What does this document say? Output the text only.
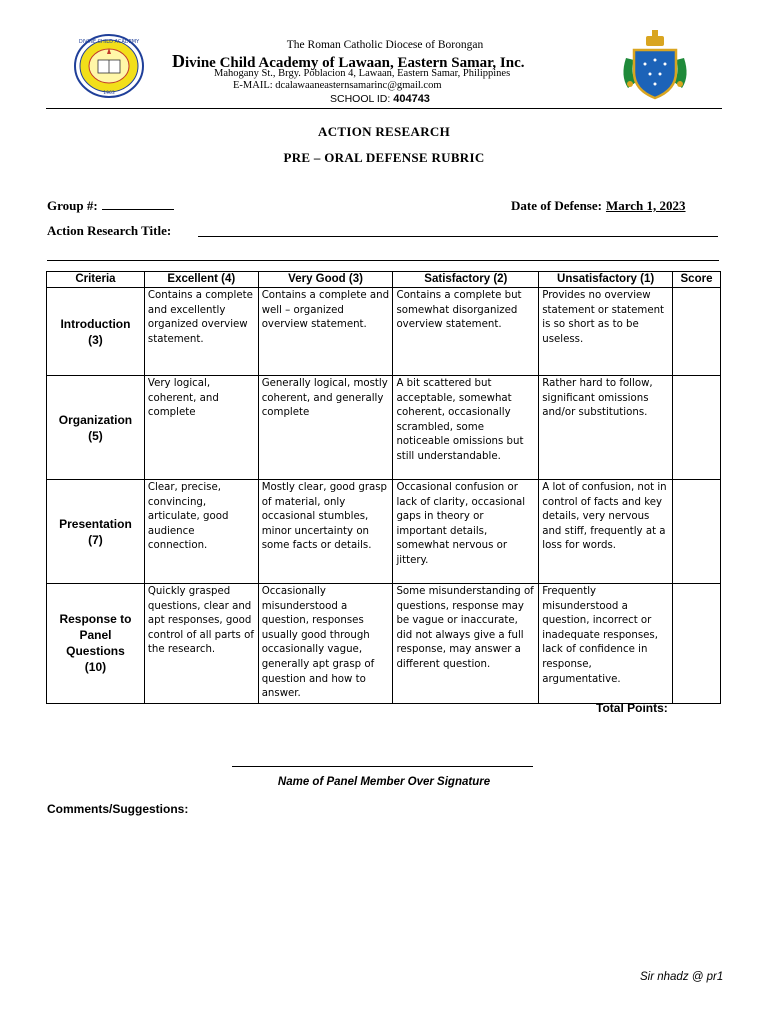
DIVINE CHILD ACADEMY
1963
The Roman Catholic Diocese of Borongan
Divine Child Academy of Lawaan, Eastern Samar, Inc.
Mahogany St., Brgy. Poblacion 4, Lawaan, Eastern Samar, Philippines
E-MAIL: dcalawaaneasternsamarinc@gmail.com
SCHOOL ID: 404743
ACTION RESEARCH
PRE – ORAL DEFENSE RUBRIC
Group #:	Date of Defense: March 1, 2023
Action Research Title:
Criteria	Excellent (4)	Very Good (3)	Satisfactory (2)	Unsatisfactory (1)	Score
Introduction
(3)	Contains a complete and excellently organized overview statement.	Contains a complete and well – organized overview statement.	Contains a complete but somewhat disorganized overview statement.	Provides no overview statement or statement is so short as to be useless.	
Organization
(5)	Very logical, coherent, and complete	Generally logical, mostly coherent, and generally complete	A bit scattered but acceptable, somewhat coherent, occasionally scrambled, some noticeable omissions but still understandable.	Rather hard to follow, significant omissions and/or substitutions.	
Presentation
(7)	Clear, precise, convincing, articulate, good audience connection.	Mostly clear, good grasp of material, only occasional stumbles, minor uncertainty on some facts or details.	Occasional confusion or lack of clarity, occasional gaps in theory or important details, somewhat nervous or jittery.	A lot of confusion, not in control of facts and key details, very nervous and stiff, frequently at a loss for words.	
Response to
Panel
Questions
(10)	Quickly grasped questions, clear and apt responses, good control of all parts of the research.	Occasionally misunderstood a question, responses usually good through occasionally vague, generally apt grasp of question and how to answer.	Some misunderstanding of questions, response may be vague or inaccurate, did not always give a full response, may answer a different question.	Frequently misunderstood a question, incorrect or inadequate responses, lack of confidence in response, argumentative.	
Total Points:
Name of Panel Member Over Signature
Comments/Suggestions:
Sir nhadz @ pr1
